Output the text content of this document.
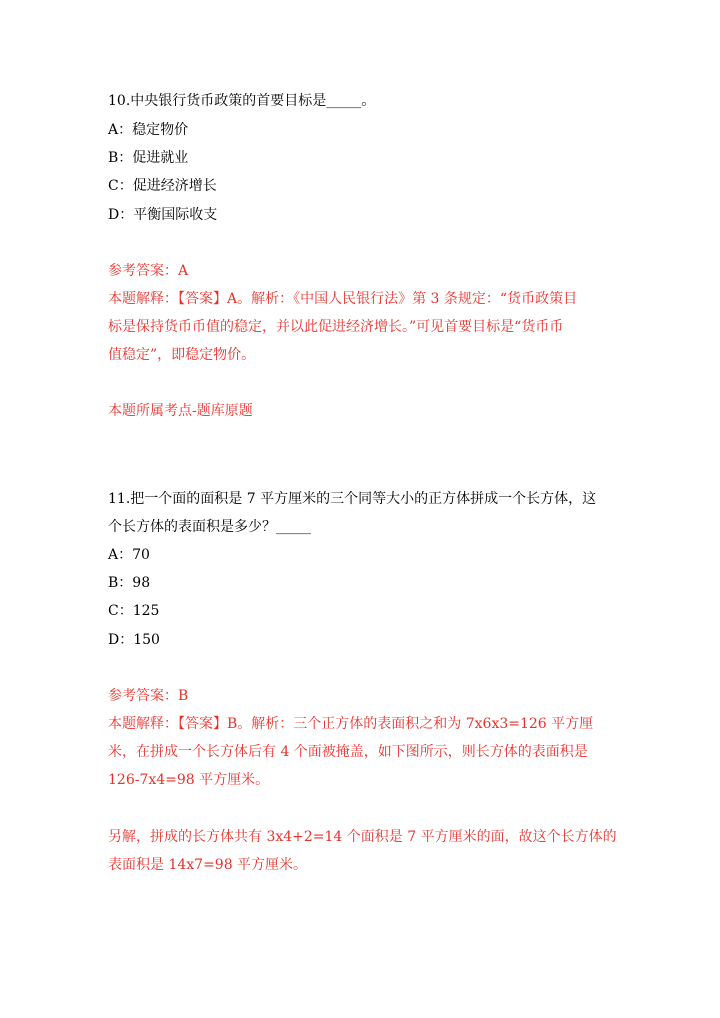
10.中央银行货币政策的首要目标是_____。
A：稳定物价
B：促进就业
C：促进经济增长
D：平衡国际收支
参考答案：A
本题解释：【答案】A。解析：《中国人民银行法》第 3 条规定：“货币政策目
标是保持货币币值的稳定，并以此促进经济增长。”可见首要目标是“货币币
值稳定”，即稳定物价。
本题所属考点-题库原题
11.把一个面的面积是 7 平方厘米的三个同等大小的正方体拼成一个长方体，这
个长方体的表面积是多少？_____
A：70
B：98
C：125
D：150
参考答案：B
本题解释：【答案】B。解析：三个正方体的表面积之和为 7x6x3=126 平方厘
米，在拼成一个长方体后有 4 个面被掩盖，如下图所示，则长方体的表面积是
126-7x4=98 平方厘米。
另解，拼成的长方体共有 3x4+2=14 个面积是 7 平方厘米的面，故这个长方体的
表面积是 14x7=98 平方厘米。
